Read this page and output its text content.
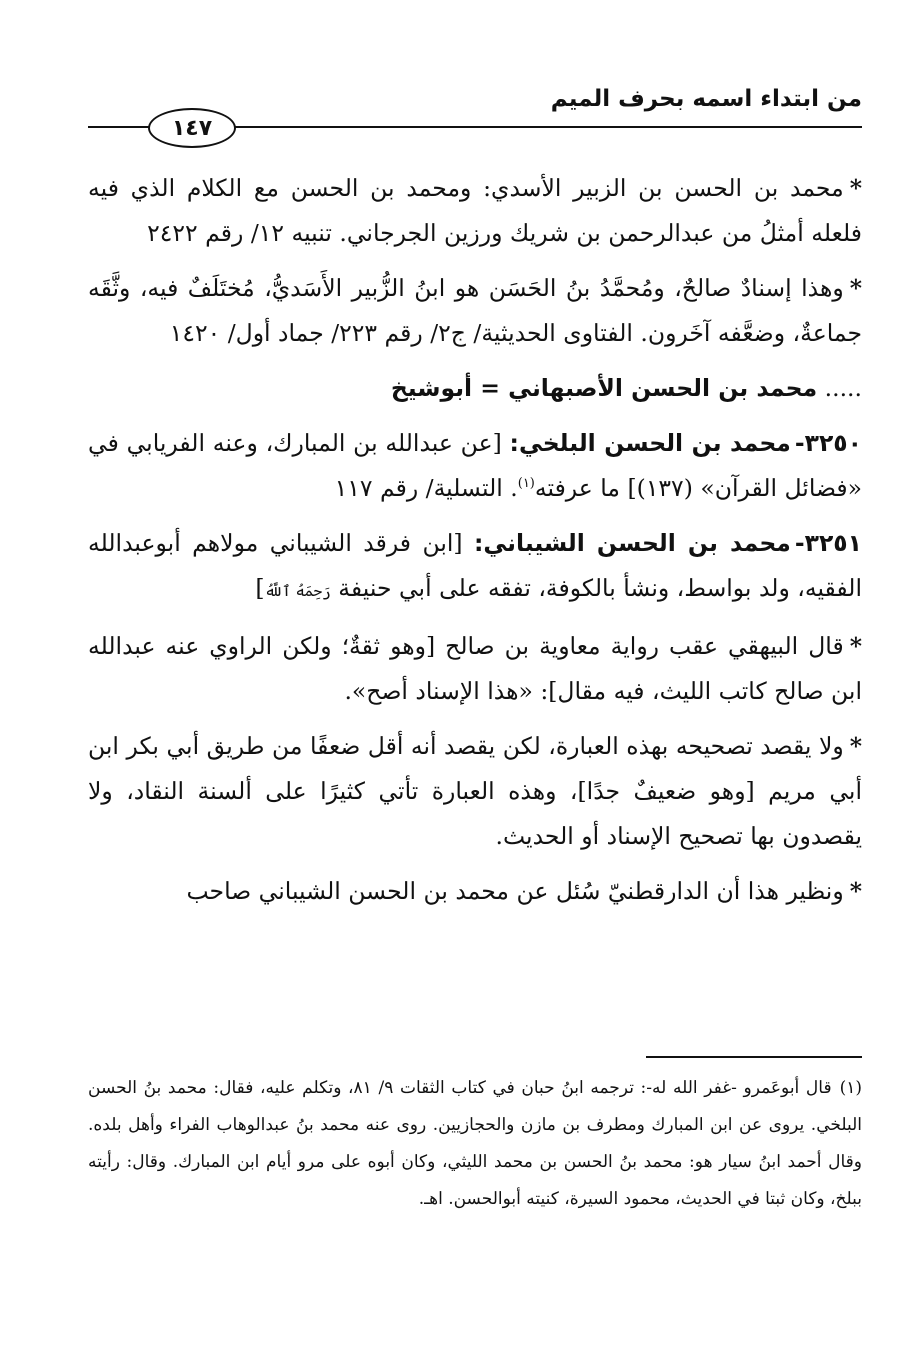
من ابتداء اسمه بحرف الميم
١٤٧

*محمد بن الحسن بن الزبير الأسدي: ومحمد بن الحسن مع الكلام الذي فيه فلعله أمثلُ من عبدالرحمن بن شريك ورزين الجرجاني. تنبيه ١٢/ رقم ٢٤٢٢

*وهذا إسنادٌ صالحٌ، ومُحمَّدُ بنُ الحَسَن هو ابنُ الزُّبير الأَسَديُّ، مُختَلَفٌ فيه، وثَّقَه جماعةٌ، وضعَّفه آخَرون. الفتاوى الحديثية/ ج٢/ رقم ٢٢٣/ جماد أول/ ١٤٢٠

..... محمد بن الحسن الأصبهاني = أبوشيخ

٣٢٥٠-محمد بن الحسن البلخي: [عن عبدالله بن المبارك، وعنه الفريابي في «فضائل القرآن» (١٣٧)] ما عرفته$^{(١)}$. التسلية/ رقم ١١٧

٣٢٥١-محمد بن الحسن الشيباني: [ابن فرقد الشيباني مولاهم أبوعبدالله الفقيه، ولد بواسط، ونشأ بالكوفة، تفقه على أبي حنيفة رَحِمَهُ ٱللَّهُ]

*قال البيهقي عقب رواية معاوية بن صالح [وهو ثقةٌ؛ ولكن الراوي عنه عبدالله ابن صالح كاتب الليث، فيه مقال]: «هذا الإسناد أصح».

*ولا يقصد تصحيحه بهذه العبارة، لكن يقصد أنه أقل ضعفًا من طريق أبي بكر ابن أبي مريم [وهو ضعيفٌ جدًا]، وهذه العبارة تأتي كثيرًا على ألسنة النقاد، ولا يقصدون بها تصحيح الإسناد أو الحديث.

*ونظير هذا أن الدارقطنيّ سُئل عن محمد بن الحسن الشيباني صاحب

(١)قال أبوعَمرو -غفر الله له-: ترجمه ابنُ حبان في كتاب الثقات ٩/ ٨١، وتكلم عليه، فقال: محمد بنُ الحسن البلخي. يروى عن ابن المبارك ومطرف بن مازن والحجازيين. روى عنه محمد بنُ عبدالوهاب الفراء وأهل بلده. وقال أحمد ابنُ سيار هو: محمد بنُ الحسن بن محمد الليثي، وكان أبوه على مرو أيام ابن المبارك. وقال: رأيته ببلخ، وكان ثبتا في الحديث، محمود السيرة، كنيته أبوالحسن. اهـ.
